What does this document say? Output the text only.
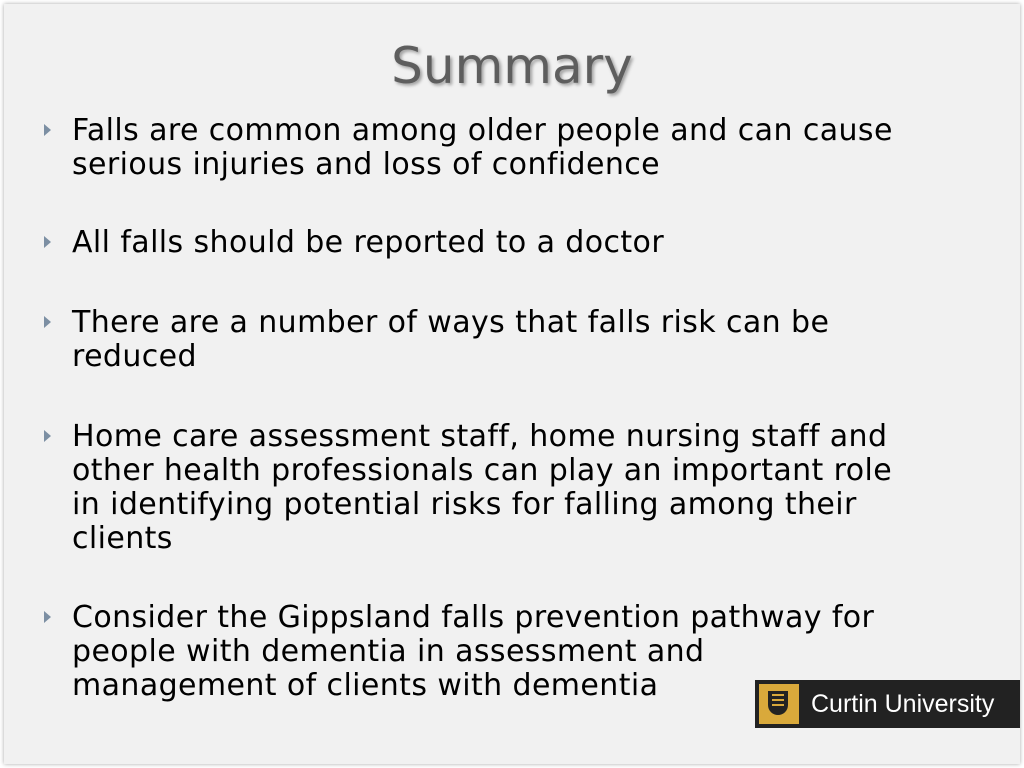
Summary
Falls are common among older people and can cause
serious injuries and loss of confidence
All falls should be reported to a doctor
There are a number of ways that falls risk can be
reduced
Home care assessment staff, home nursing staff and
other health professionals can play an important role
in identifying potential risks for falling among their
clients
Consider the Gippsland falls prevention pathway for
people with dementia in assessment and
management of clients with dementia
Curtin University
